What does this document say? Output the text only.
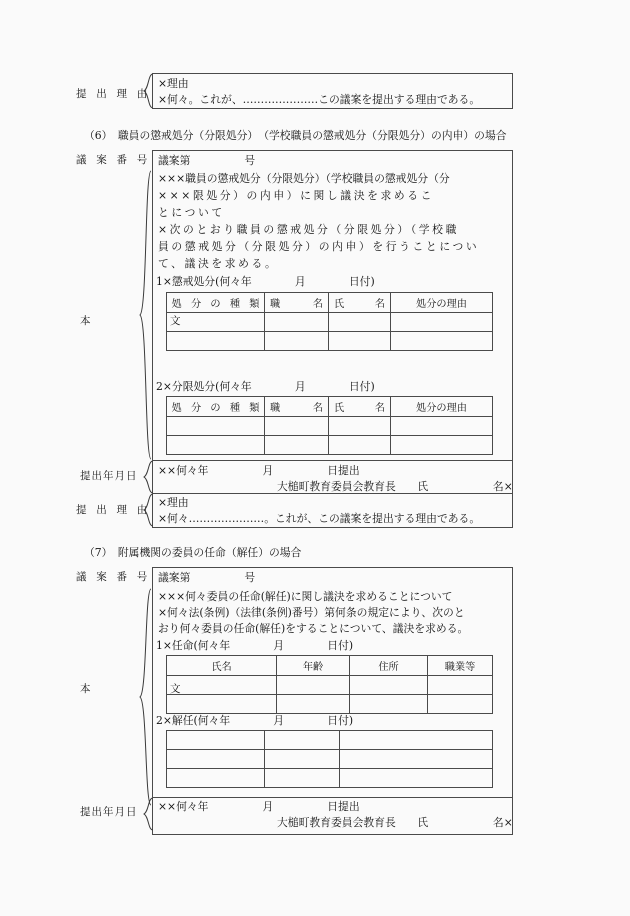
提 出 理 由
×理由
×何々。これが、…………………この議案を提出する理由である。
（6）　職員の懲戒処分（分限処分）　（学校職員の懲戒処分（分限処分）の内申）の場合
議 案 番 号 議案第　　　　　号
本　　　文
×××職員の懲戒処分（分限処分）（学校職員の懲戒処分（分
×××限処分）の内申）に関し議決を求めるこ
とについて
×次のとおり職員の懲戒処分（分限処分）（学校職
員の懲戒処分（分限処分）の内申）を行うことについ
て、議決を求める。
1×懲戒処分(何々年　　　　月　　　　日付)
処 分 の 種 類	職 名	氏 名	処分の理由

2×分限処分(何々年　　　　月　　　　日付)
処 分 の 種 類	職 名	氏 名	処分の理由

提出年月日 ××何々年　　　　　月　　　　　日提出
大槌町教育委員会教育長　　氏　　　　　　名×
提 出 理 由
×理由
×何々…………………。これが、この議案を提出する理由である。
（7）　附属機関の委員の任命（解任）の場合
議 案 番 号 議案第　　　　　号
本　　　文
×××何々委員の任命(解任)に関し議決を求めることについて
×何々法(条例)（法律(条例)番号）第何条の規定により、次のと
おり何々委員の任命(解任)をすることについて、議決を求める。
1×任命(何々年　　　　月　　　　日付)
氏名	年齢	住所	職業等

2×解任(何々年　　　　月　　　　日付)

提出年月日 ××何々年　　　　　月　　　　　日提出
大槌町教育委員会教育長　　氏　　　　　　名×
